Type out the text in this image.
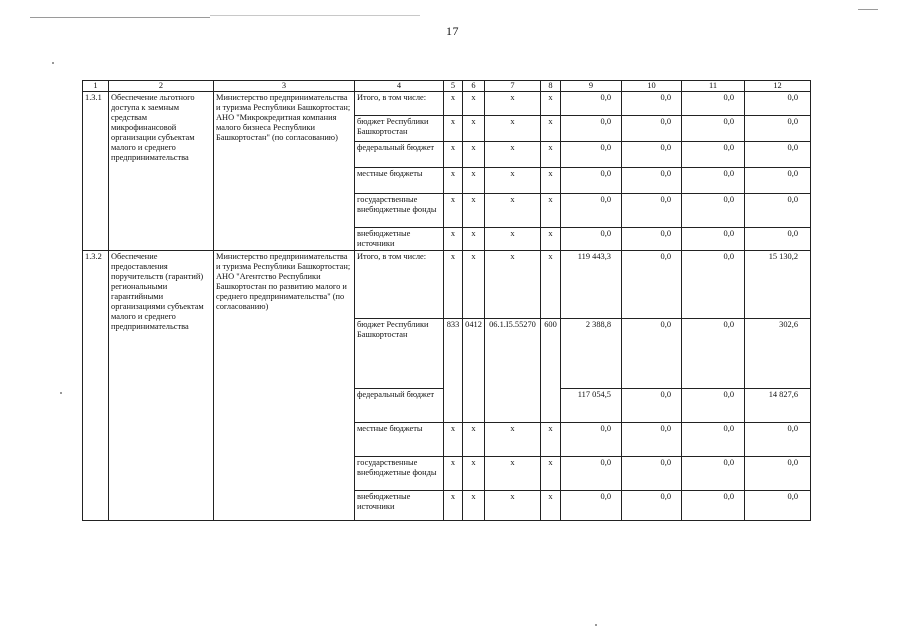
17
1	2	3	4	5	6	7	8	9	10	11	12
1.3.1	Обеспечение льготного доступа к заемным средствам микрофинансовой организации субъектам малого и среднего предпринимательства	Министерство предпринимательства и туризма Республики Башкортостан; АНО "Микрокредитная компания малого бизнеса Республики Башкортостан" (по согласованию)	Итого, в том числе:	x	x	x	x	0,0	0,0	0,0	0,0
			бюджет Республики Башкортостан	x	x	x	x	0,0	0,0	0,0	0,0
			федеральный бюджет	x	x	x	x	0,0	0,0	0,0	0,0
			местные бюджеты	x	x	x	x	0,0	0,0	0,0	0,0
			государственные внебюджетные фонды	x	x	x	x	0,0	0,0	0,0	0,0
			внебюджетные источники	x	x	x	x	0,0	0,0	0,0	0,0
1.3.2	Обеспечение предоставления поручительств (гарантий) региональными гарантийными организациями субъектам малого и среднего предпринимательства	Министерство предпринимательства и туризма Республики Башкортостан; АНО "Агентство Республики Башкортостан по развитию малого и среднего предпринимательства" (по согласованию)	Итого, в том числе:	x	x	x	x	119 443,3	0,0	0,0	15 130,2
			бюджет Республики Башкортостан	833	0412	06.1.I5.55270	600	2 388,8	0,0	0,0	302,6
			федеральный бюджет					117 054,5	0,0	0,0	14 827,6
			местные бюджеты	x	x	x	x	0,0	0,0	0,0	0,0
			государственные внебюджетные фонды	x	x	x	x	0,0	0,0	0,0	0,0
			внебюджетные источники	x	x	x	x	0,0	0,0	0,0	0,0
